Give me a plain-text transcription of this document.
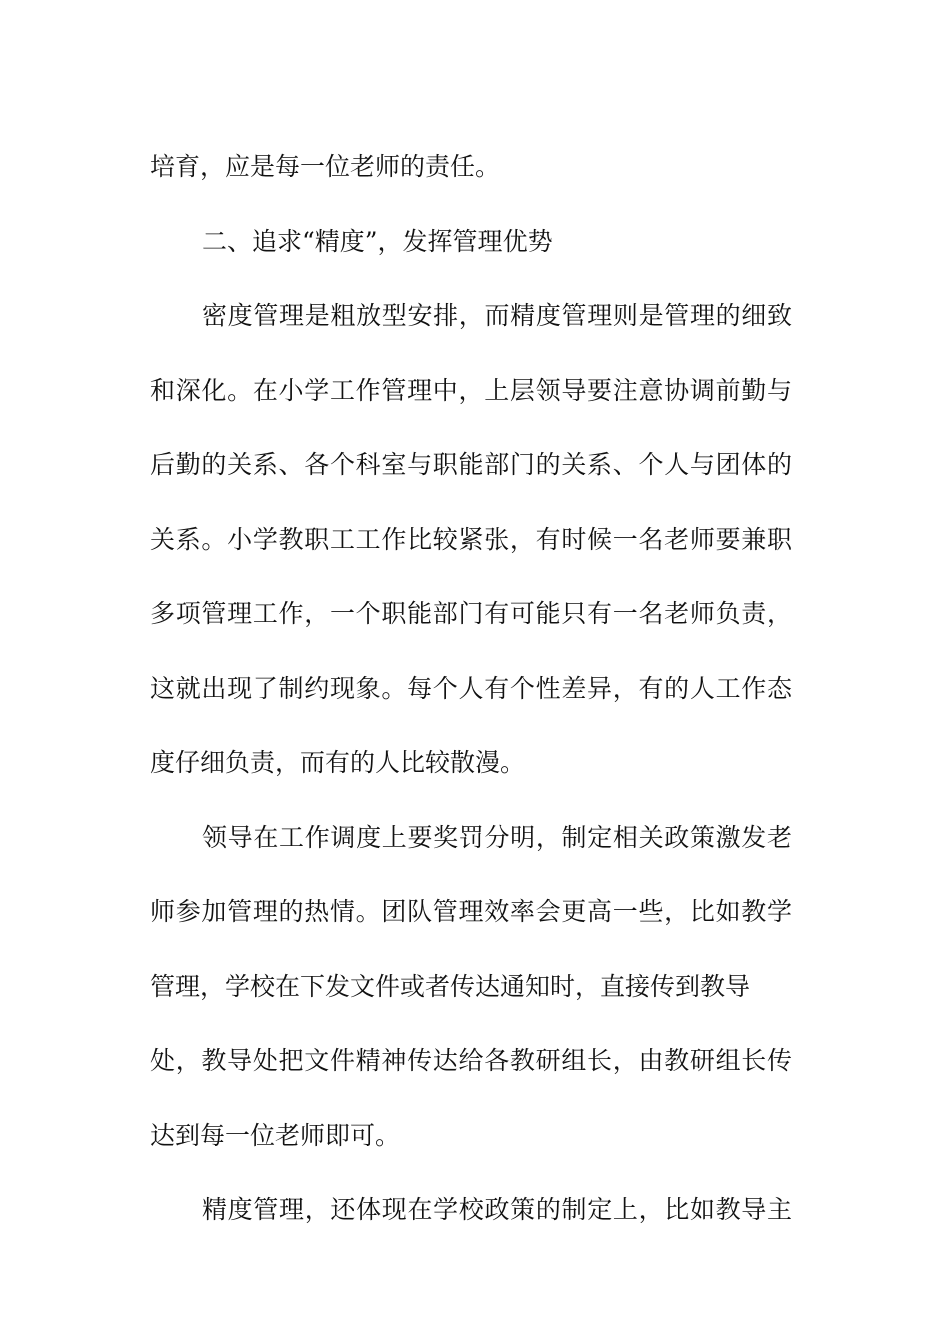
培育，应是每一位老师的责任。
二、追求“精度”，发挥管理优势
密度管理是粗放型安排，而精度管理则是管理的细致
和深化。在小学工作管理中，上层领导要注意协调前勤与
后勤的关系、各个科室与职能部门的关系、个人与团体的
关系。小学教职工工作比较紧张，有时候一名老师要兼职
多项管理工作，一个职能部门有可能只有一名老师负责，
这就出现了制约现象。每个人有个性差异，有的人工作态
度仔细负责，而有的人比较散漫。
领导在工作调度上要奖罚分明，制定相关政策激发老
师参加管理的热情。团队管理效率会更高一些，比如教学
管理，学校在下发文件或者传达通知时，直接传到教导
处，教导处把文件精神传达给各教研组长，由教研组长传
达到每一位老师即可。
精度管理，还体现在学校政策的制定上，比如教导主
